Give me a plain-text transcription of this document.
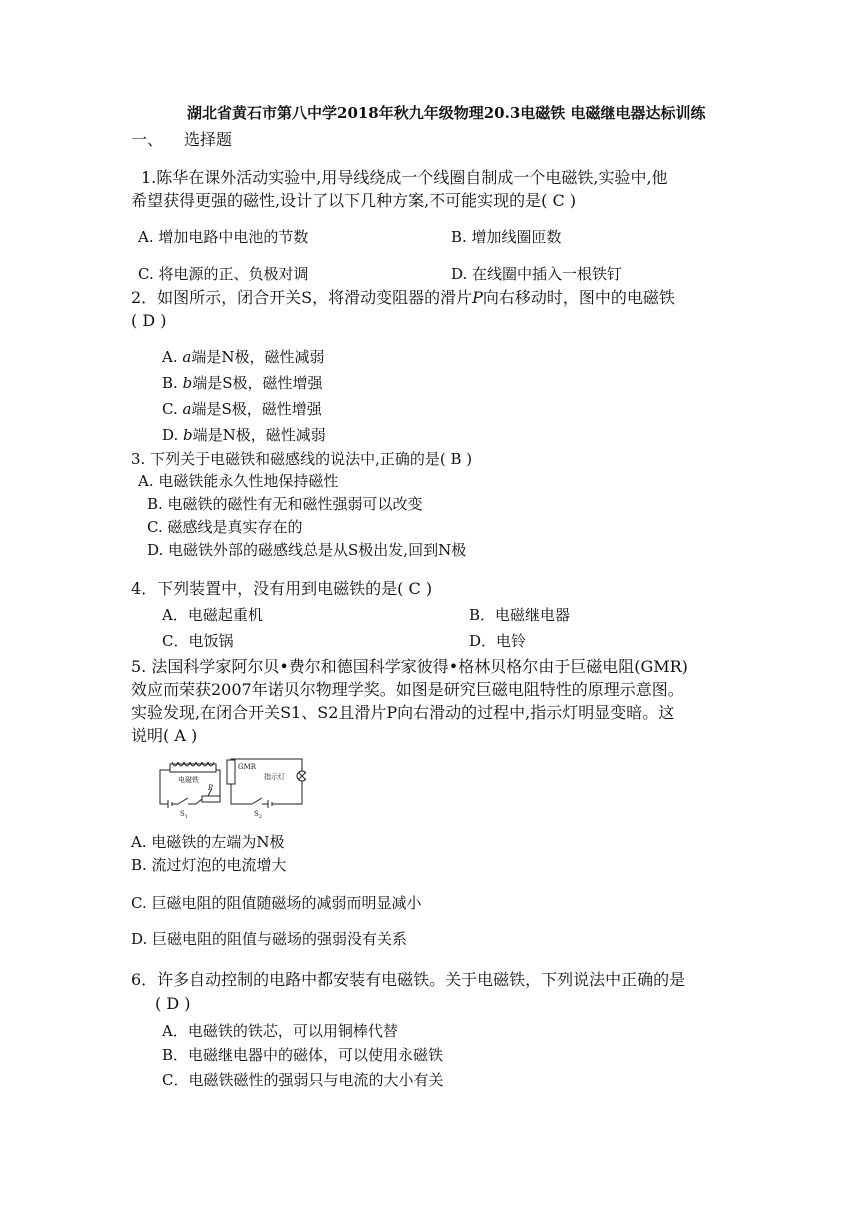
湖北省黄石市第八中学2018年秋九年级物理20.3电磁铁 电磁继电器达标训练
一、 选择题
1.陈华在课外活动实验中,用导线绕成一个线圈自制成一个电磁铁,实验中,他
希望获得更强的磁性,设计了以下几种方案,不可能实现的是( C )
A. 增加电路中电池的节数	B. 增加线圈匝数
C. 将电源的正、负极对调	D. 在线圈中插入一根铁钉
2．如图所示，闭合开关S，将滑动变阻器的滑片P向右移动时，图中的电磁铁
( D )
A. a端是N极，磁性减弱
B. b端是S极，磁性增强
C. a端是S极，磁性增强
D. b端是N极，磁性减弱
3. 下列关于电磁铁和磁感线的说法中,正确的是( B )
A. 电磁铁能永久性地保持磁性
B. 电磁铁的磁性有无和磁性强弱可以改变
C. 磁感线是真实存在的
D. 电磁铁外部的磁感线总是从S极出发,回到N极
4．下列装置中，没有用到电磁铁的是( C )
A．电磁起重机	B．电磁继电器
C．电饭锅	D．电铃
5. 法国科学家阿尔贝•费尔和德国科学家彼得•格林贝格尔由于巨磁电阻(GMR)
效应而荣获2007年诺贝尔物理学奖。如图是研究巨磁电阻特性的原理示意图。
实验发现,在闭合开关S1、S2且滑片P向右滑动的过程中,指示灯明显变暗。这
说明( A )
电磁铁
P
$S_1$
GMR
指示灯
$S_2$
A. 电磁铁的左端为N极
B. 流过灯泡的电流增大
C. 巨磁电阻的阻值随磁场的减弱而明显减小
D. 巨磁电阻的阻值与磁场的强弱没有关系
6．许多自动控制的电路中都安装有电磁铁。关于电磁铁，下列说法中正确的是
( D )
A．电磁铁的铁芯，可以用铜棒代替
B．电磁继电器中的磁体，可以使用永磁铁
C．电磁铁磁性的强弱只与电流的大小有关
